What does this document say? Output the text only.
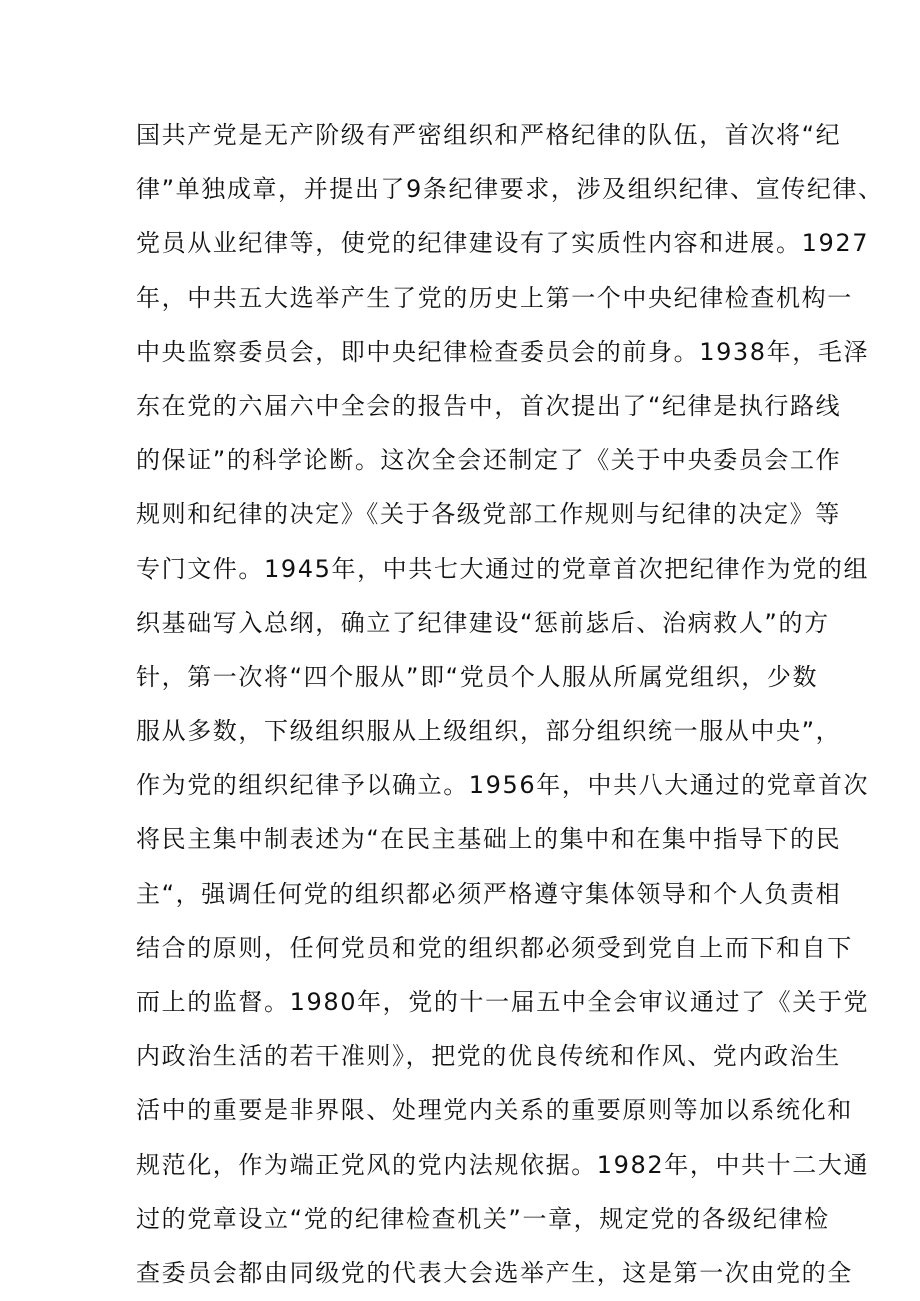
国共产党是无产阶级有严密组织和严格纪律的队伍，首次将“纪
律”单独成章，并提出了9条纪律要求，涉及组织纪律、宣传纪律、
党员从业纪律等，使党的纪律建设有了实质性内容和进展。1927
年，中共五大选举产生了党的历史上第一个中央纪律检查机构一
中央监察委员会，即中央纪律检查委员会的前身。1938年，毛泽
东在党的六届六中全会的报告中，首次提出了“纪律是执行路线
的保证”的科学论断。这次全会还制定了《关于中央委员会工作
规则和纪律的决定》《关于各级党部工作规则与纪律的决定》等
专门文件。1945年，中共七大通过的党章首次把纪律作为党的组
织基础写入总纲，确立了纪律建设“惩前毖后、治病救人”的方
针，第一次将“四个服从”即“党员个人服从所属党组织，少数
服从多数，下级组织服从上级组织，部分组织统一服从中央”，
作为党的组织纪律予以确立。1956年，中共八大通过的党章首次
将民主集中制表述为“在民主基础上的集中和在集中指导下的民
主“，强调任何党的组织都必须严格遵守集体领导和个人负责相
结合的原则，任何党员和党的组织都必须受到党自上而下和自下
而上的监督。1980年，党的十一届五中全会审议通过了《关于党
内政治生活的若干准则》，把党的优良传统和作风、党内政治生
活中的重要是非界限、处理党内关系的重要原则等加以系统化和
规范化，作为端正党风的党内法规依据。1982年，中共十二大通
过的党章设立“党的纪律检查机关”一章，规定党的各级纪律检
查委员会都由同级党的代表大会选举产生，这是第一次由党的全
